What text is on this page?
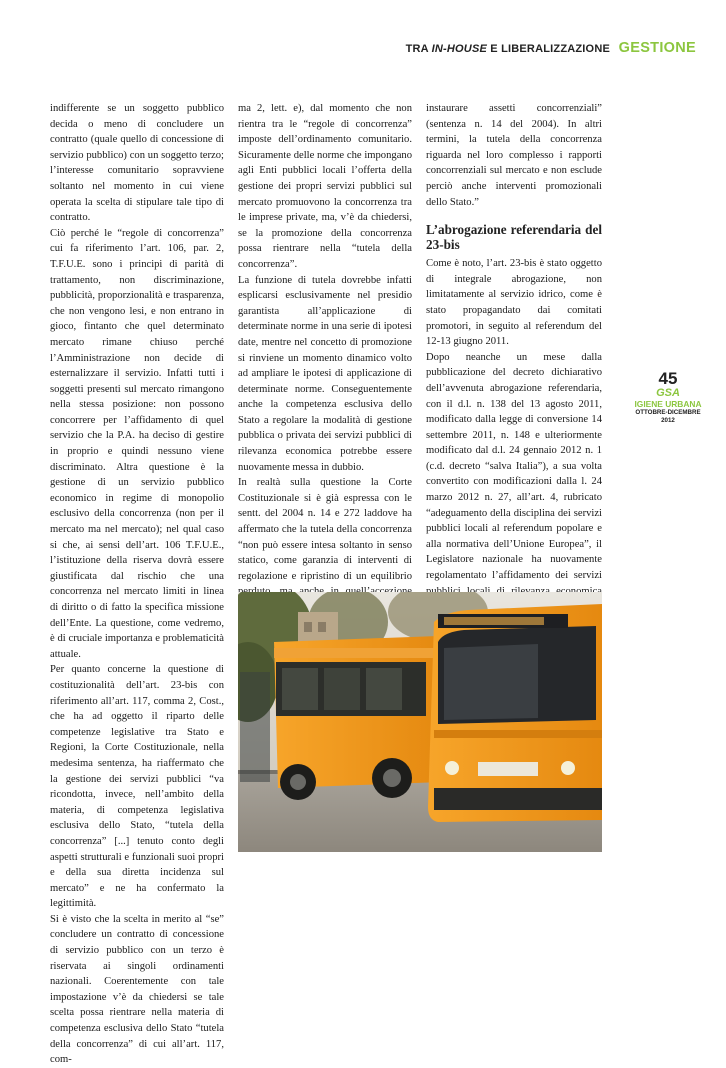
TRA IN-HOUSE E LIBERALIZZAZIONE GESTIONE

indifferente se un soggetto pubblico decida o meno di concludere un contratto (quale quello di concessione di servizio pubblico) con un soggetto terzo; l’interesse comunitario sopravviene soltanto nel momento in cui viene operata la scelta di stipulare tale tipo di contratto.

Ciò perché le “regole di concorrenza” cui fa riferimento l’art. 106, par. 2, T.F.U.E. sono i principi di parità di trattamento, non discriminazione, pubblicità, proporzionalità e trasparenza, che non vengono lesi, e non entrano in gioco, fintanto che quel determinato mercato rimane chiuso perché l’Amministrazione non decide di esternalizzare il servizio. Infatti tutti i soggetti presenti sul mercato rimangono nella stessa posizione: non possono concorrere per l’affidamento di quel servizio che la P.A. ha deciso di gestire in proprio e quindi nessuno viene discriminato. Altra questione è la gestione di un servizio pubblico economico in regime di monopolio esclusivo della concorrenza (non per il mercato ma nel mercato); nel qual caso si che, ai sensi dell’art. 106 T.F.U.E., l’istituzione della riserva dovrà essere giustificata dal rischio che una concorrenza nel mercato limiti in linea di diritto o di fatto la specifica missione dell’Ente. La questione, come vedremo, è di cruciale importanza e problematicità attuale.

Per quanto concerne la questione di costituzionalità dell’art. 23-bis con riferimento all’art. 117, comma 2, Cost., che ha ad oggetto il riparto delle competenze legislative tra Stato e Regioni, la Corte Costituzionale, nella medesima sentenza, ha riaffermato che la gestione dei servizi pubblici “va ricondotta, invece, nell’ambito della materia, di competenza legislativa esclusiva dello Stato, “tutela della concorrenza” [...] tenuto conto degli aspetti strutturali e funzionali suoi propri e della sua diretta incidenza sul mercato” e ne ha confermato la legittimità.

Si è visto che la scelta in merito al “se” concludere un contratto di concessione di servizio pubblico con un terzo è riservata ai singoli ordinamenti nazionali. Coerentemente con tale impostazione v’è da chiedersi se tale scelta possa rientrare nella materia di competenza esclusiva dello Stato “tutela della concorrenza” di cui all’art. 117, com-

ma 2, lett. e), dal momento che non rientra tra le “regole di concorrenza” imposte dell’ordinamento comunitario. Sicuramente delle norme che impongano agli Enti pubblici locali l’offerta della gestione dei propri servizi pubblici sul mercato promuovono la concorrenza tra le imprese private, ma, v’è da chiedersi, se la promozione della concorrenza possa rientrare nella “tutela della concorrenza”.

La funzione di tutela dovrebbe infatti esplicarsi esclusivamente nel presidio garantista all’applicazione di determinate norme in una serie di ipotesi date, mentre nel concetto di promozione si rinviene un momento dinamico volto ad ampliare le ipotesi di applicazione di determinate norme. Conseguentemente anche la competenza esclusiva dello Stato a regolare la modalità di gestione pubblica o privata dei servizi pubblici di rilevanza economica potrebbe essere nuovamente messa in dubbio.

In realtà sulla questione la Corte Costituzionale si è già espressa con le sentt. del 2004 n. 14 e 272 laddove ha affermato che la tutela della concorrenza “non può essere intesa soltanto in senso statico, come garanzia di interventi di regolazione e ripristino di un equilibrio

instaurare assetti concorrenziali” (sentenza n. 14 del 2004). In altri termini, la tutela della concorrenza riguarda nel loro complesso i rapporti concorrenziali sul mercato e non esclude perciò anche interventi promozionali dello Stato.”

L’abrogazione referendaria del 23-bis

Come è noto, l’art. 23-bis è stato oggetto di integrale abrogazione, non limitatamente al servizio idrico, come è stato propagandato dai comitati promotori, in seguito al referendum del 12-13 giugno 2011.

Dopo neanche un mese dalla pubblicazione del decreto dichiarativo dell’avvenuta abrogazione referendaria, con il d.l. n. 138 del 13 agosto 2011, modificato dalla legge di conversione 14 settembre 2011, n. 148 e ulteriormente modificato dal d.l. 24 gennaio 2012 n. 1 (c.d. decreto “salva Italia”), a sua volta convertito con modificazioni dalla l. 24 marzo 2012 n. 27, all’art. 4, rubricato “adeguamento della disciplina dei servizi pubblici locali al referendum popolare e alla normativa dell’Unione Europea”, il Legislatore nazionale ha nuovamente regolamentato l’affidamento dei servizi

45
GSA
IGIENE URBANA
OTTOBRE-DICEMBRE 2012
